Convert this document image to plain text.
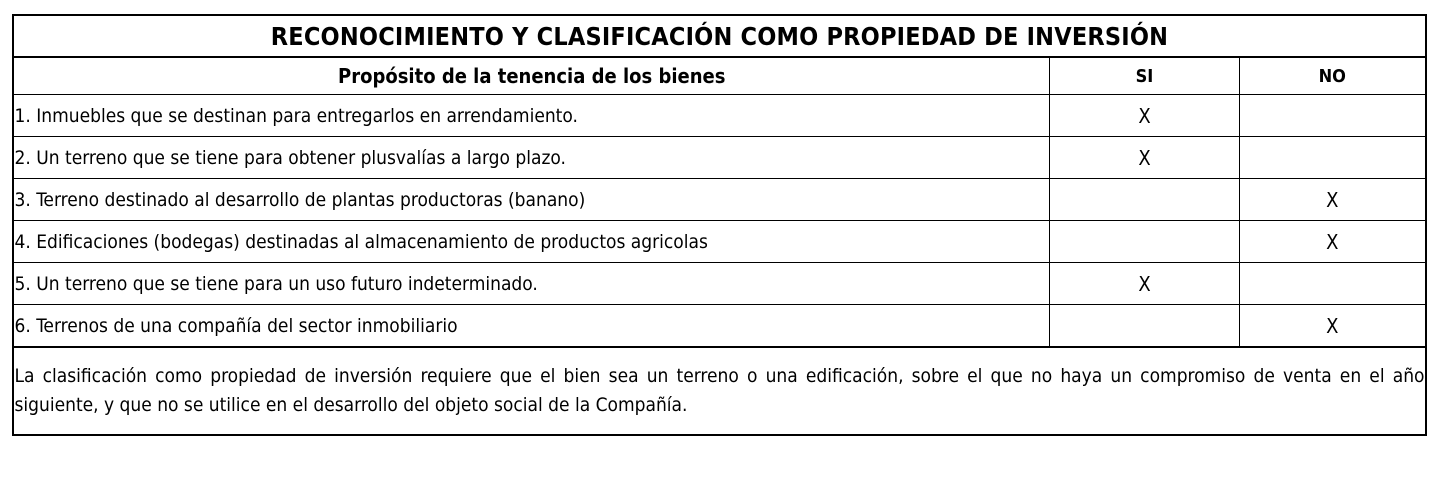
RECONOCIMIENTO Y CLASIFICACIÓN COMO PROPIEDAD DE INVERSIÓN		
Propósito de la tenencia de los bienes	SI	NO
1. Inmuebles que se destinan para entregarlos en arrendamiento.	X	
2. Un terreno que se tiene para obtener plusvalías a largo plazo.	X	
3. Terreno destinado al desarrollo de plantas productoras (banano)		X
4. Edificaciones (bodegas) destinadas al almacenamiento de productos agricolas		X
5. Un terreno que se tiene para un uso futuro indeterminado.	X	
6. Terrenos de una compañía del sector inmobiliario		X
La clasificación como propiedad de inversión requiere que el bien sea un terreno o una edificación, sobre el que no haya un compromiso de venta en el año siguiente, y que no se utilice en el desarrollo del objeto social de la Compañía.		
